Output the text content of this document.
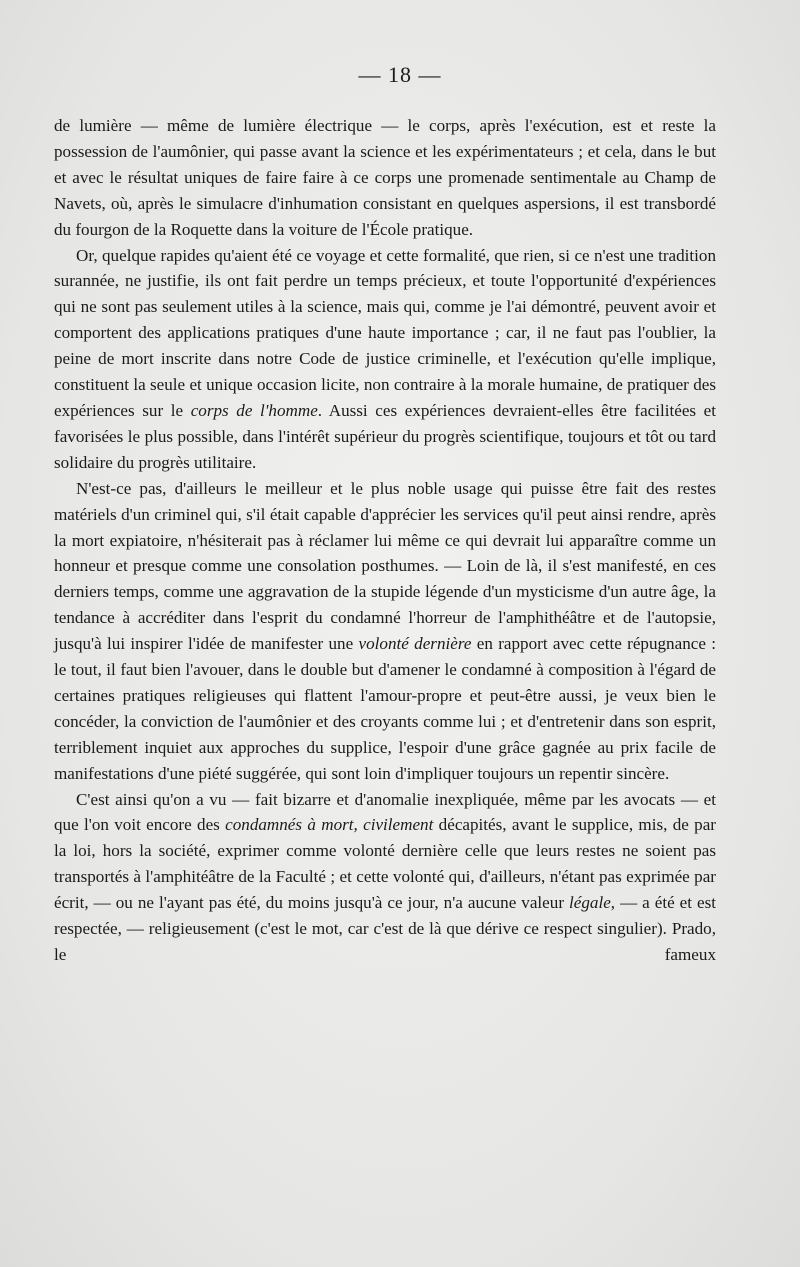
— 18 —

de lumière — même de lumière électrique — le corps, après l'exécution, est et reste la possession de l'aumônier, qui passe avant la science et les expérimentateurs ; et cela, dans le but et avec le résultat uniques de faire faire à ce corps une promenade sentimentale au Champ de Navets, où, après le simulacre d'inhumation consistant en quelques aspersions, il est transbordé du fourgon de la Roquette dans la voiture de l'École pratique.

Or, quelque rapides qu'aient été ce voyage et cette formalité, que rien, si ce n'est une tradition surannée, ne justifie, ils ont fait perdre un temps précieux, et toute l'opportunité d'expériences qui ne sont pas seulement utiles à la science, mais qui, comme je l'ai démontré, peuvent avoir et comportent des applications pratiques d'une haute importance ; car, il ne faut pas l'oublier, la peine de mort inscrite dans notre Code de justice criminelle, et l'exécution qu'elle implique, constituent la seule et unique occasion licite, non contraire à la morale humaine, de pratiquer des expériences sur le corps de l'homme. Aussi ces expériences devraient-elles être facilitées et favorisées le plus possible, dans l'intérêt supérieur du progrès scientifique, toujours et tôt ou tard solidaire du progrès utilitaire.

N'est-ce pas, d'ailleurs le meilleur et le plus noble usage qui puisse être fait des restes matériels d'un criminel qui, s'il était capable d'apprécier les services qu'il peut ainsi rendre, après la mort expiatoire, n'hésiterait pas à réclamer lui même ce qui devrait lui apparaître comme un honneur et presque comme une consolation posthumes. — Loin de là, il s'est manifesté, en ces derniers temps, comme une aggravation de la stupide légende d'un mysticisme d'un autre âge, la tendance à accréditer dans l'esprit du condamné l'horreur de l'amphithéâtre et de l'autopsie, jusqu'à lui inspirer l'idée de manifester une volonté dernière en rapport avec cette répugnance : le tout, il faut bien l'avouer, dans le double but d'amener le condamné à composition à l'égard de certaines pratiques religieuses qui flattent l'amour-propre et peut-être aussi, je veux bien le concéder, la conviction de l'aumônier et des croyants comme lui ; et d'entretenir dans son esprit, terriblement inquiet aux approches du supplice, l'espoir d'une grâce gagnée au prix facile de manifestations d'une piété suggérée, qui sont loin d'impliquer toujours un repentir sincère.

C'est ainsi qu'on a vu — fait bizarre et d'anomalie inexpliquée, même par les avocats — et que l'on voit encore des condamnés à mort, civilement décapités, avant le supplice, mis, de par la loi, hors la société, exprimer comme volonté dernière celle que leurs restes ne soient pas transportés à l'amphitéâtre de la Faculté ; et cette volonté qui, d'ailleurs, n'étant pas exprimée par écrit, — ou ne l'ayant pas été, du moins jusqu'à ce jour, n'a aucune valeur légale, — a été et est respectée, — religieusement (c'est le mot, car c'est de là que dérive ce respect singulier). Prado, le fameux
